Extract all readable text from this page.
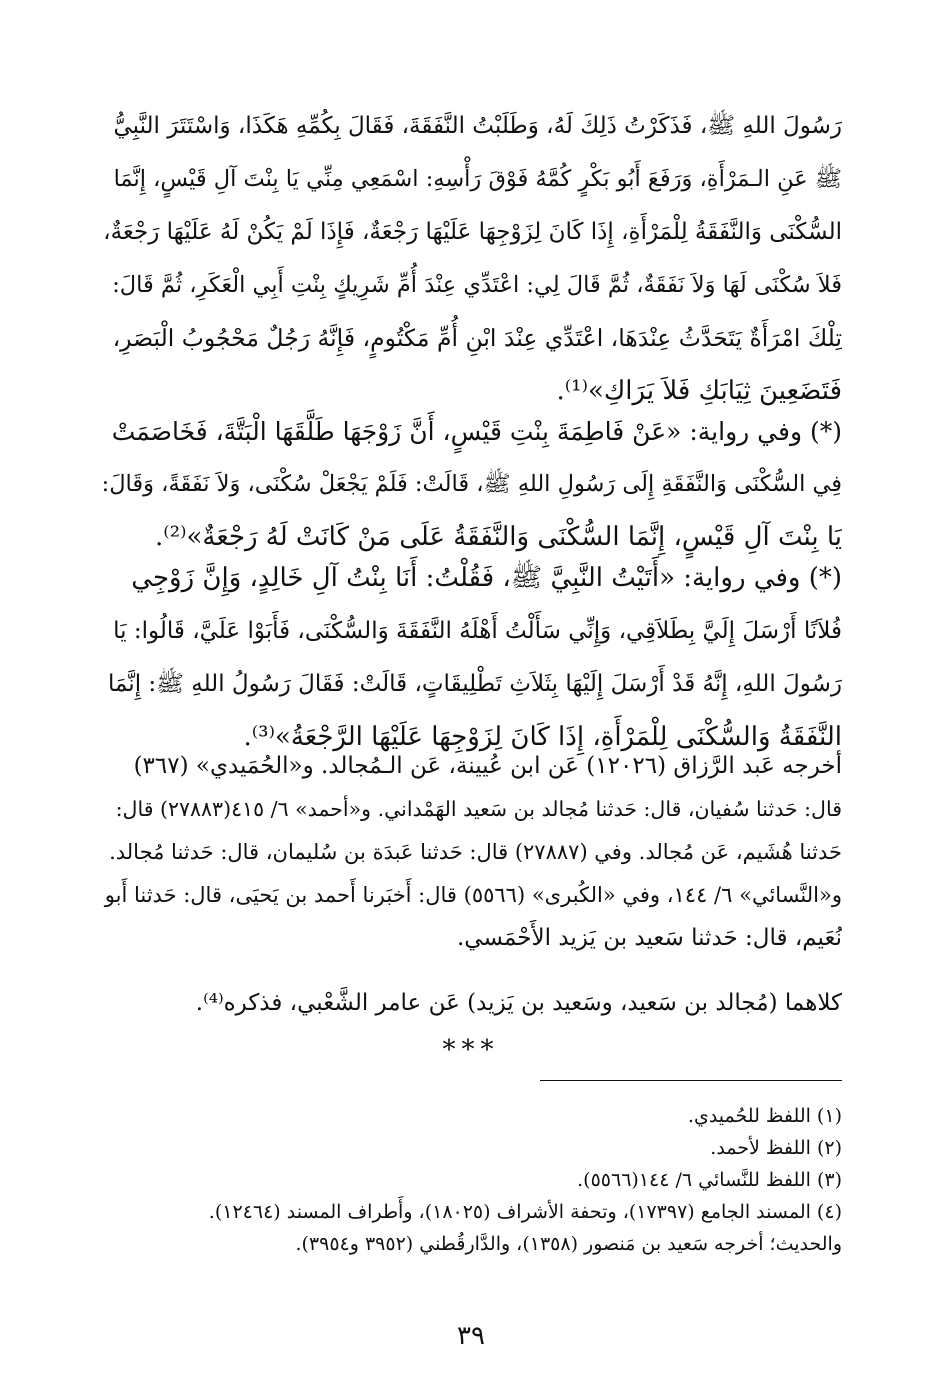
رَسُولَ اللهِ ﷺ، فَذَكَرْتُ ذَلِكَ لَهُ، وَطَلَبْتُ النَّفَقَةَ، فَقَالَ بِكُمِّهِ هَكَذَا، وَاسْتَتَرَ النَّبِيُّ
ﷺ عَنِ الـمَرْأَةِ، وَرَفَعَ أَبُو بَكْرٍ كُمَّهُ فَوْقَ رَأْسِهِ: اسْمَعِي مِنِّي يَا بِنْتَ آلِ قَيْسٍ، إِنَّمَا
السُّكْنَى وَالنَّفَقَةُ لِلْمَرْأَةِ، إِذَا كَانَ لِزَوْجِهَا عَلَيْهَا رَجْعَةٌ، فَإِذَا لَمْ يَكُنْ لَهُ عَلَيْهَا رَجْعَةٌ،
فَلاَ سُكْنَى لَهَا وَلاَ نَفَقَةٌ، ثُمَّ قَالَ لِي: اعْتَدِّي عِنْدَ أُمِّ شَرِيكٍ بِنْتِ أَبِي الْعَكَرِ، ثُمَّ قَالَ:
تِلْكَ امْرَأَةٌ يَتَحَدَّثُ عِنْدَهَا، اعْتَدِّي عِنْدَ ابْنِ أُمِّ مَكْتُومٍ، فَإِنَّهُ رَجُلٌ مَحْجُوبُ الْبَصَرِ،
فَتَضَعِينَ ثِيَابَكِ فَلاَ يَرَاكِ»⁽¹⁾.
(*) وفي رواية: «عَنْ فَاطِمَةَ بِنْتِ قَيْسٍ، أَنَّ زَوْجَهَا طَلَّقَهَا الْبَتَّةَ، فَخَاصَمَتْ
فِي السُّكْنَى وَالنَّفَقَةِ إِلَى رَسُولِ اللهِ ﷺ، قَالَتْ: فَلَمْ يَجْعَلْ سُكْنَى، وَلاَ نَفَقَةً، وَقَالَ:
يَا بِنْتَ آلِ قَيْسٍ، إِنَّمَا السُّكْنَى وَالنَّفَقَةُ عَلَى مَنْ كَانَتْ لَهُ رَجْعَةٌ»⁽²⁾.
(*) وفي رواية: «أَتَيْتُ النَّبِيَّ ﷺ، فَقُلْتُ: أَنَا بِنْتُ آلِ خَالِدٍ، وَإِنَّ زَوْجِي
فُلاَنًا أَرْسَلَ إِلَيَّ بِطَلاَقِي، وَإِنِّي سَأَلْتُ أَهْلَهُ النَّفَقَةَ وَالسُّكْنَى، فَأَبَوْا عَلَيَّ، قَالُوا: يَا
رَسُولَ اللهِ، إِنَّهُ قَدْ أَرْسَلَ إِلَيْهَا بِثَلاَثِ تَطْلِيقَاتٍ، قَالَتْ: فَقَالَ رَسُولُ اللهِ ﷺ: إِنَّمَا
النَّفَقَةُ وَالسُّكْنَى لِلْمَرْأَةِ، إِذَا كَانَ لِزَوْجِهَا عَلَيْهَا الرَّجْعَةُ»⁽³⁾.
أخرجه عَبد الرَّزاق (١٢٠٢٦) عَن ابن عُيينة، عَن الـمُجالد. و«الحُمَيدي» (٣٦٧)
قال: حَدثنا سُفيان، قال: حَدثنا مُجالد بن سَعيد الهَمْداني. و«أحمد» ٦/ ٤١٥(٢٧٨٨٣) قال:
حَدثنا هُشَيم، عَن مُجالد. وفي (٢٧٨٨٧) قال: حَدثنا عَبدَة بن سُليمان، قال: حَدثنا مُجالد.
و«النَّسائي» ٦/ ١٤٤، وفي «الكُبرى» (٥٥٦٦) قال: أَخبَرنا أَحمد بن يَحيَى، قال: حَدثنا أَبو
نُعَيم، قال: حَدثنا سَعيد بن يَزيد الأَحْمَسي.
كلاهما (مُجالد بن سَعيد، وسَعيد بن يَزيد) عَن عامر الشَّعْبي، فذكره⁽⁴⁾.
***
(١) اللفظ للحُميدي.
(٢) اللفظ لأحمد.
(٣) اللفظ للنَّسائي ٦/ ١٤٤(٥٥٦٦).
(٤) المسند الجامع (١٧٣٩٧)، وتحفة الأشراف (١٨٠٢٥)، وأَطراف المسند (١٢٤٦٤).
والحديث؛ أخرجه سَعيد بن مَنصور (١٣٥٨)، والدَّارقُطني (٣٩٥٢ و٣٩٥٤).
٣٩
